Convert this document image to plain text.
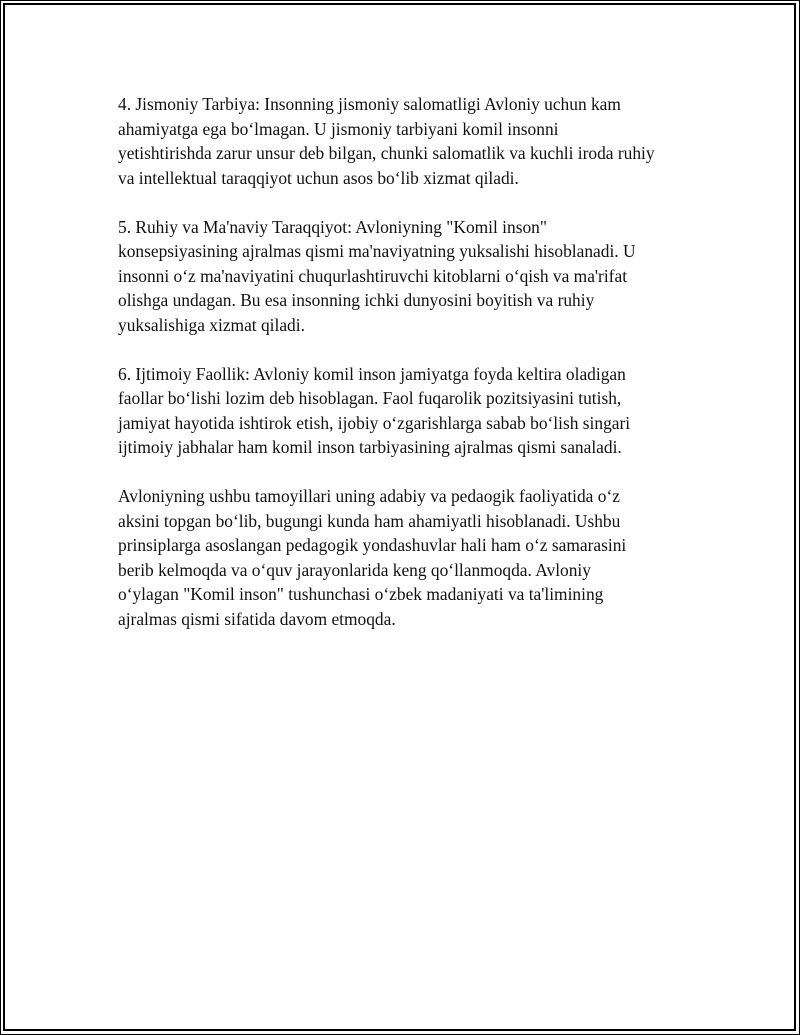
4. Jismoniy Tarbiya: Insonning jismoniy salomatligi Avloniy uchun kam
ahamiyatga ega bo‘lmagan. U jismoniy tarbiyani komil insonni
yetishtirishda zarur unsur deb bilgan, chunki salomatlik va kuchli iroda ruhiy
va intellektual taraqqiyot uchun asos bo‘lib xizmat qiladi.

5. Ruhiy va Ma'naviy Taraqqiyot: Avloniyning "Komil inson"
konsepsiyasining ajralmas qismi ma'naviyatning yuksalishi hisoblanadi. U
insonni o‘z ma'naviyatini chuqurlashtiruvchi kitoblarni o‘qish va ma'rifat
olishga undagan. Bu esa insonning ichki dunyosini boyitish va ruhiy
yuksalishiga xizmat qiladi.

6. Ijtimoiy Faollik: Avloniy komil inson jamiyatga foyda keltira oladigan
faollar bo‘lishi lozim deb hisoblagan. Faol fuqarolik pozitsiyasini tutish,
jamiyat hayotida ishtirok etish, ijobiy o‘zgarishlarga sabab bo‘lish singari
ijtimoiy jabhalar ham komil inson tarbiyasining ajralmas qismi sanaladi.

Avloniyning ushbu tamoyillari uning adabiy va pedaogik faoliyatida o‘z
aksini topgan bo‘lib, bugungi kunda ham ahamiyatli hisoblanadi. Ushbu
prinsiplarga asoslangan pedagogik yondashuvlar hali ham o‘z samarasini
berib kelmoqda va o‘quv jarayonlarida keng qo‘llanmoqda. Avloniy
o‘ylagan "Komil inson" tushunchasi o‘zbek madaniyati va ta'limining
ajralmas qismi sifatida davom etmoqda.
